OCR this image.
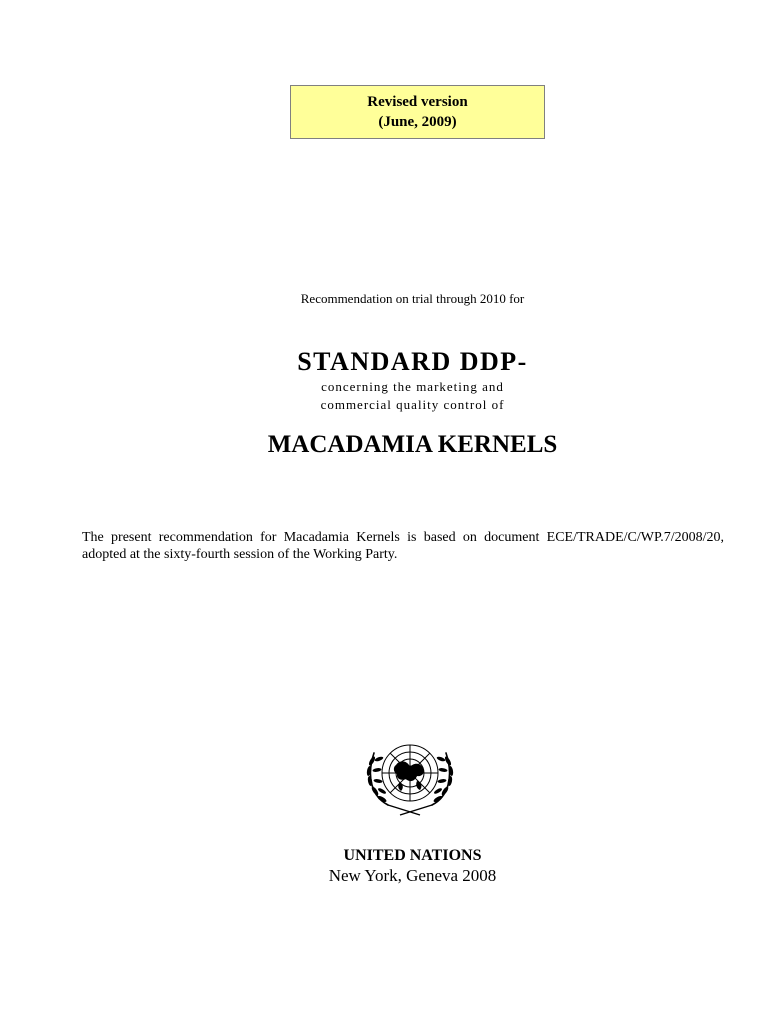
Revised version
(June, 2009)
Recommendation on trial through 2010 for
STANDARD DDP-
concerning the marketing and
commercial quality control of
MACADAMIA KERNELS
The present recommendation for Macadamia Kernels is based on document ECE/TRADE/C/WP.7/2008/20, adopted at the sixty-fourth session of the Working Party.
UNITED NATIONS
New York, Geneva 2008
